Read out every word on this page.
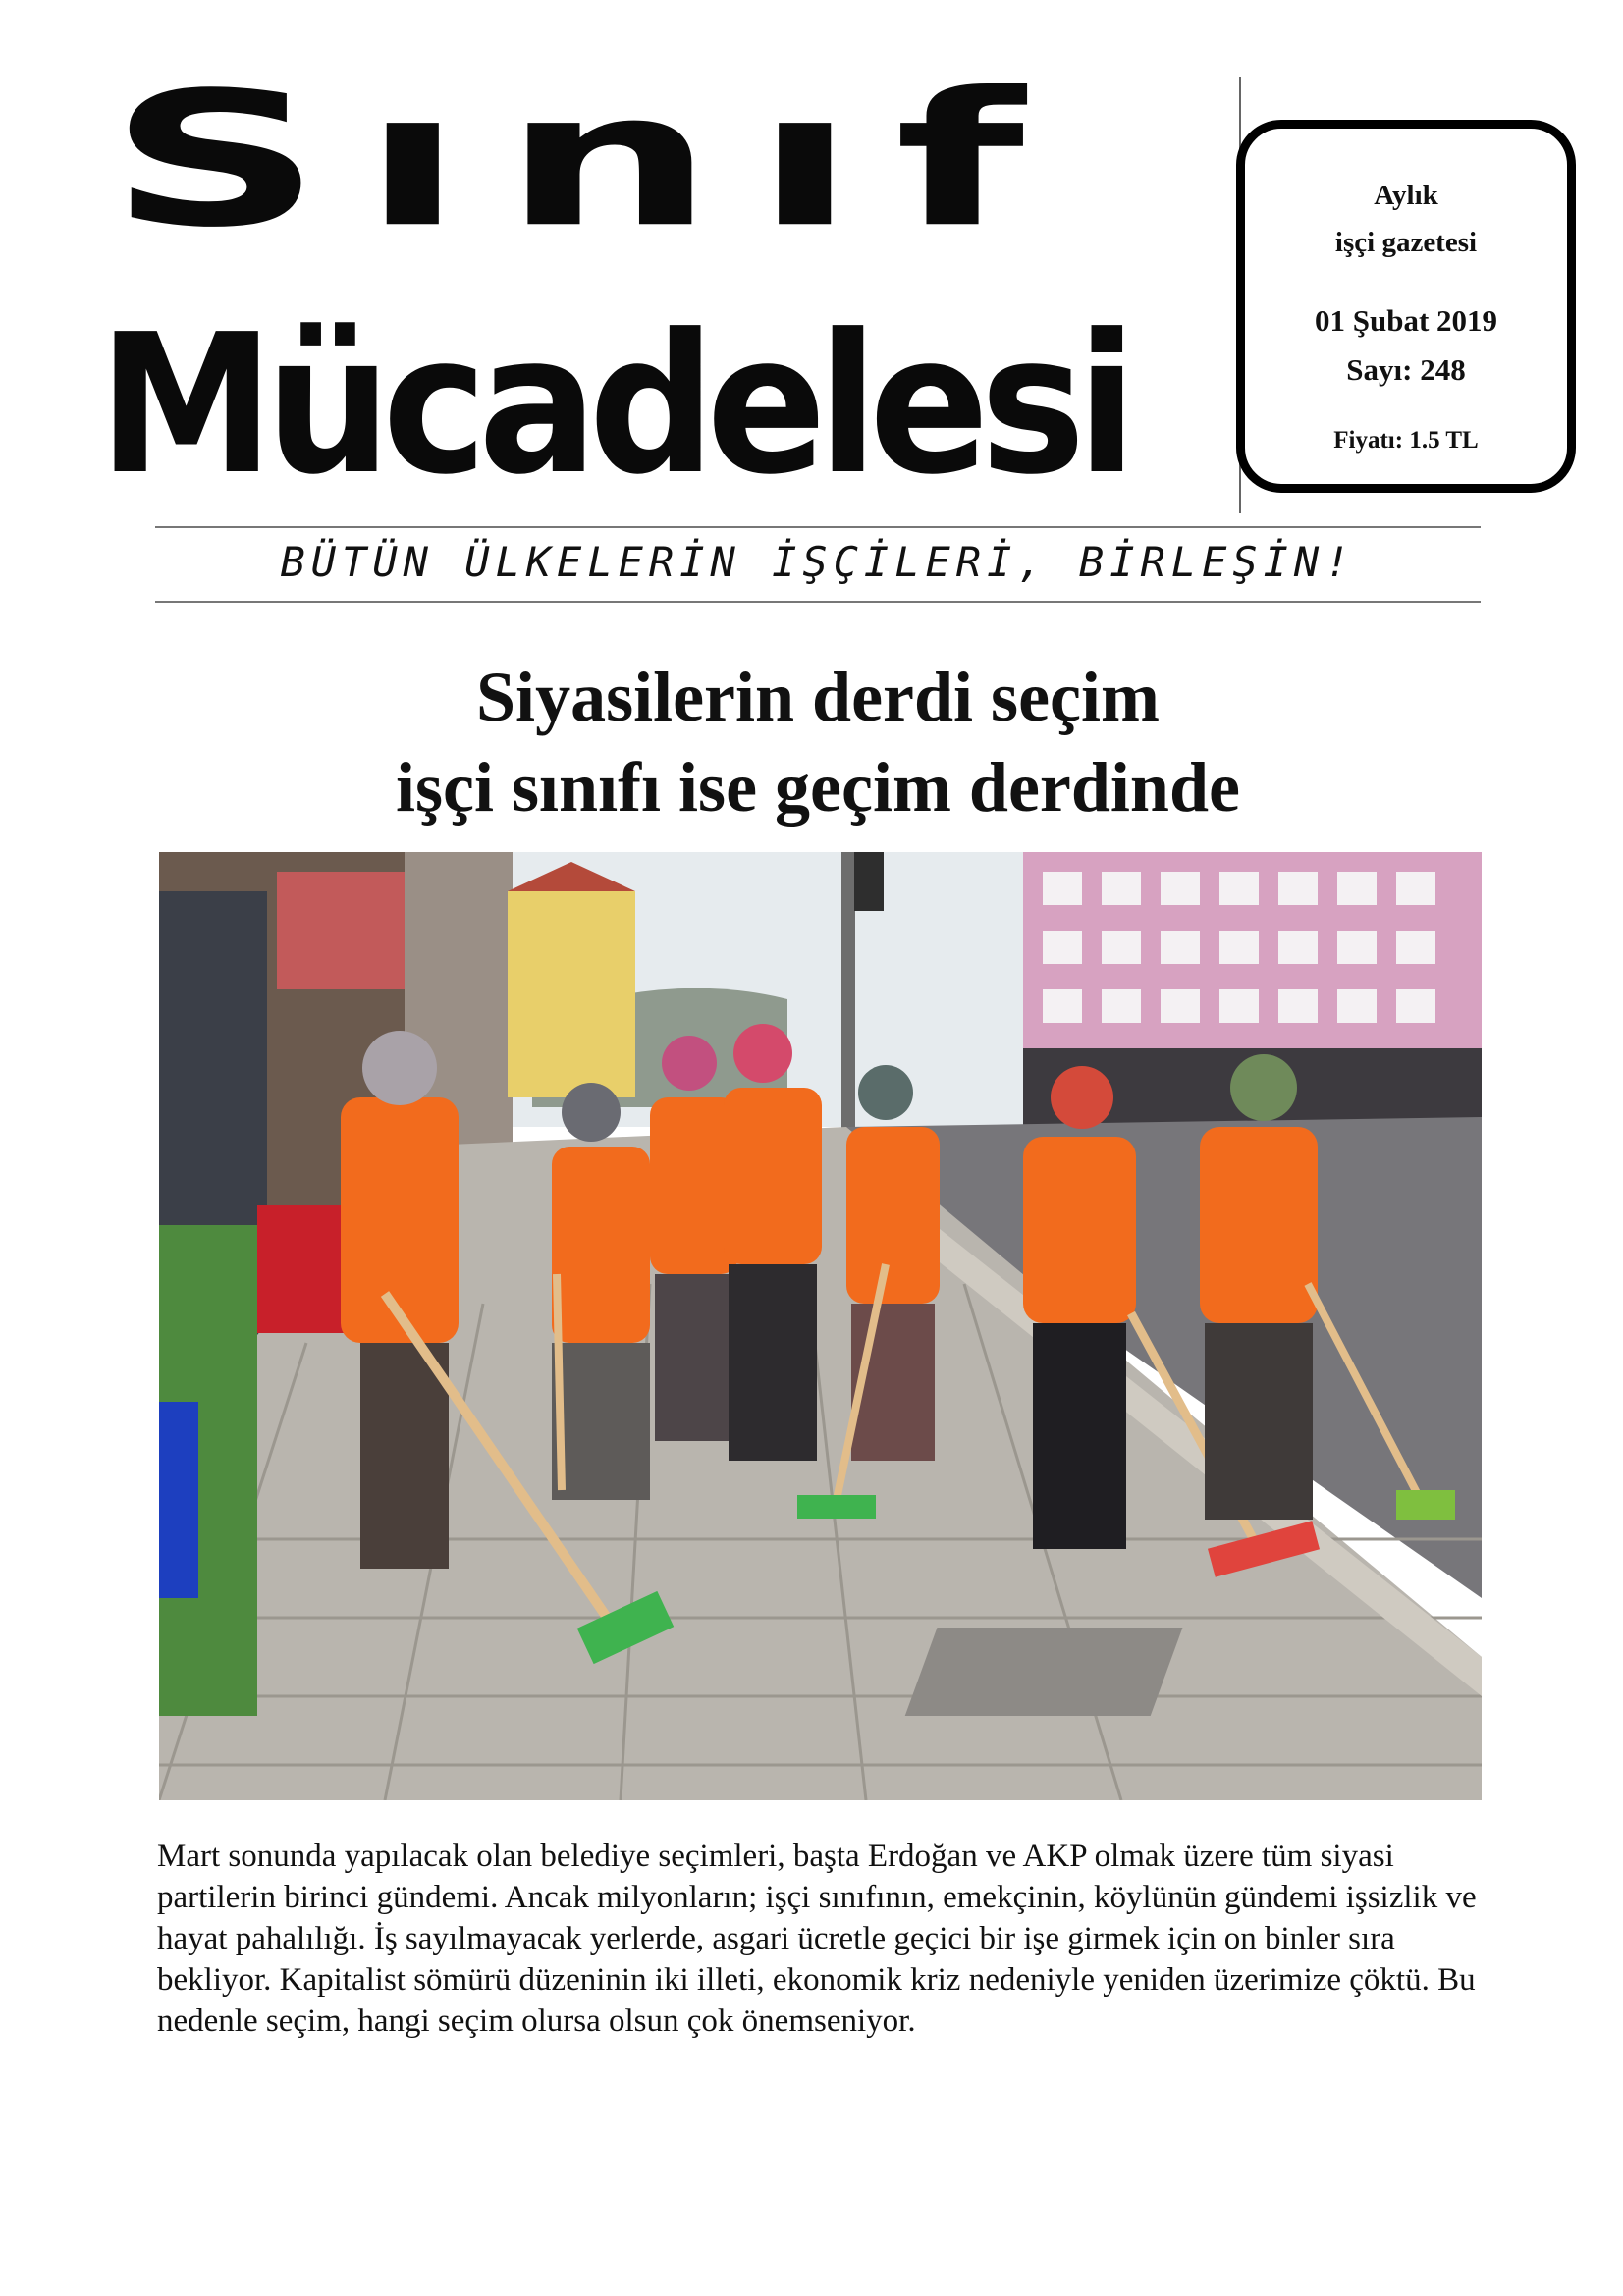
Sınıf
Mücadelesi
Aylık
işçi gazetesi
01 Şubat 2019
Sayı: 248
Fiyatı: 1.5 TL
BÜTÜN ÜLKELERİN İŞÇİLERİ, BİRLEŞİN!
Siyasilerin derdi seçim
işçi sınıfı ise geçim derdinde
Mart sonunda yapılacak olan belediye seçimleri, başta Erdoğan ve AKP olmak üzere tüm siyasi partilerin birinci gündemi. Ancak milyonların; işçi sınıfının, emekçinin, köylünün gündemi işsizlik ve hayat pahalılığı. İş sayılmayacak yerlerde, asgari ücretle geçici bir işe girmek için on binler sıra bekliyor. Kapitalist sömürü düzeninin iki illeti, ekonomik kriz nedeniyle yeniden üzerimize çöktü. Bu nedenle seçim, hangi seçim olursa olsun çok önemseniyor.
